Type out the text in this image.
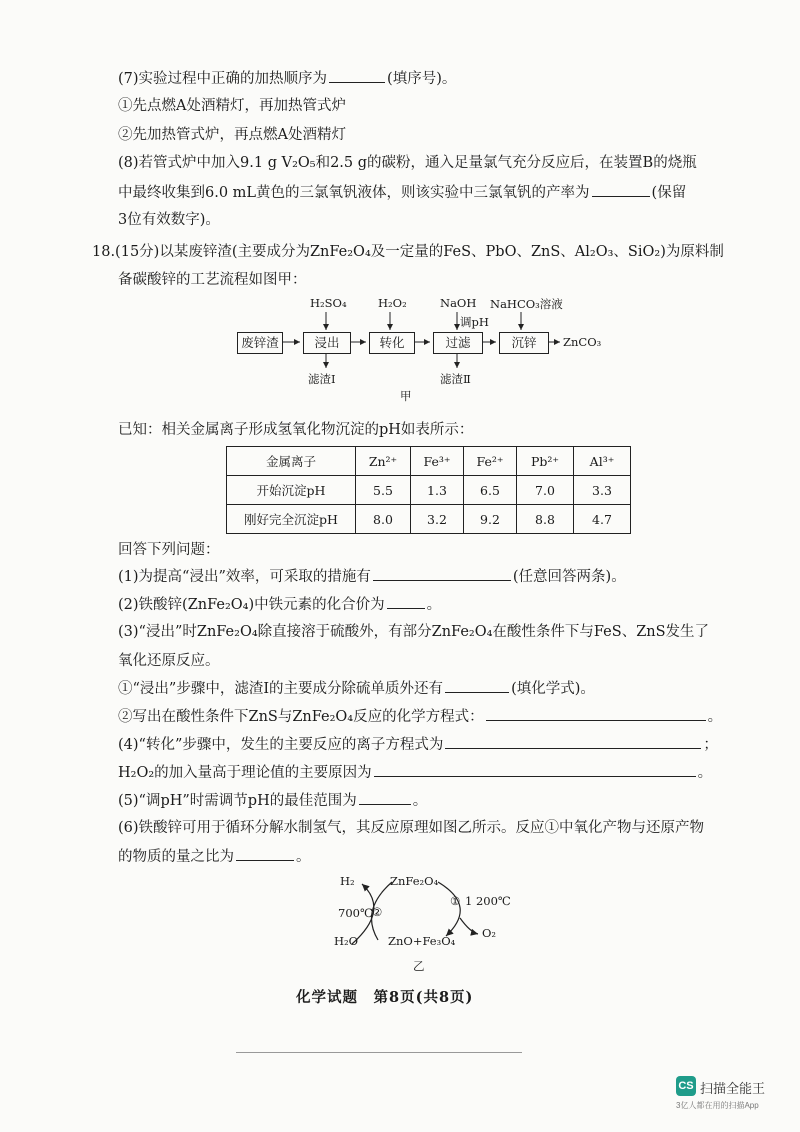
(7)实验过程中正确的加热顺序为	(填序号)。
①先点燃A处酒精灯，再加热管式炉
②先加热管式炉，再点燃A处酒精灯
(8)若管式炉中加入9.1 g V₂O₅和2.5 g的碳粉，通入足量氯气充分反应后，在装置B的烧瓶
中最终收集到6.0 mL黄色的三氯氧钒液体，则该实验中三氯氧钒的产率为	(保留
3位有效数字)。
18.(15分)以某废锌渣(主要成分为ZnFe₂O₄及一定量的FeS、PbO、ZnS、Al₂O₃、SiO₂)为原料制
备碳酸锌的工艺流程如图甲：
废锌渣	浸出	转化	过滤	沉锌	ZnCO₃
H₂SO₄	H₂O₂	NaOH
调pH
NaHCO₃溶液
滤渣Ⅰ	滤渣Ⅱ
甲
已知：相关金属离子形成氢氧化物沉淀的pH如表所示：
金属离子	Zn²⁺	Fe³⁺	Fe²⁺	Pb²⁺	Al³⁺
开始沉淀pH	5.5	1.3	6.5	7.0	3.3
刚好完全沉淀pH	8.0	3.2	9.2	8.8	4.7
回答下列问题：
(1)为提高“浸出”效率，可采取的措施有	(任意回答两条)。
(2)铁酸锌(ZnFe₂O₄)中铁元素的化合价为	。
(3)“浸出”时ZnFe₂O₄除直接溶于硫酸外，有部分ZnFe₂O₄在酸性条件下与FeS、ZnS发生了
氧化还原反应。
①“浸出”步骤中，滤渣Ⅰ的主要成分除硫单质外还有	(填化学式)。
②写出在酸性条件下ZnS与ZnFe₂O₄反应的化学方程式：	。
(4)“转化”步骤中，发生的主要反应的离子方程式为	；
H₂O₂的加入量高于理论值的主要原因为	。
(5)“调pH”时需调节pH的最佳范围为	。
(6)铁酸锌可用于循环分解水制氢气，其反应原理如图乙所示。反应①中氧化产物与还原产物
的物质的量之比为	。
H₂
H₂O
ZnFe₂O₄
ZnO+Fe₃O₄
O₂
700℃ ②
① 1 200℃
乙
化学试题　第8页(共8页)
CS 扫描全能王
3亿人都在用的扫描App
